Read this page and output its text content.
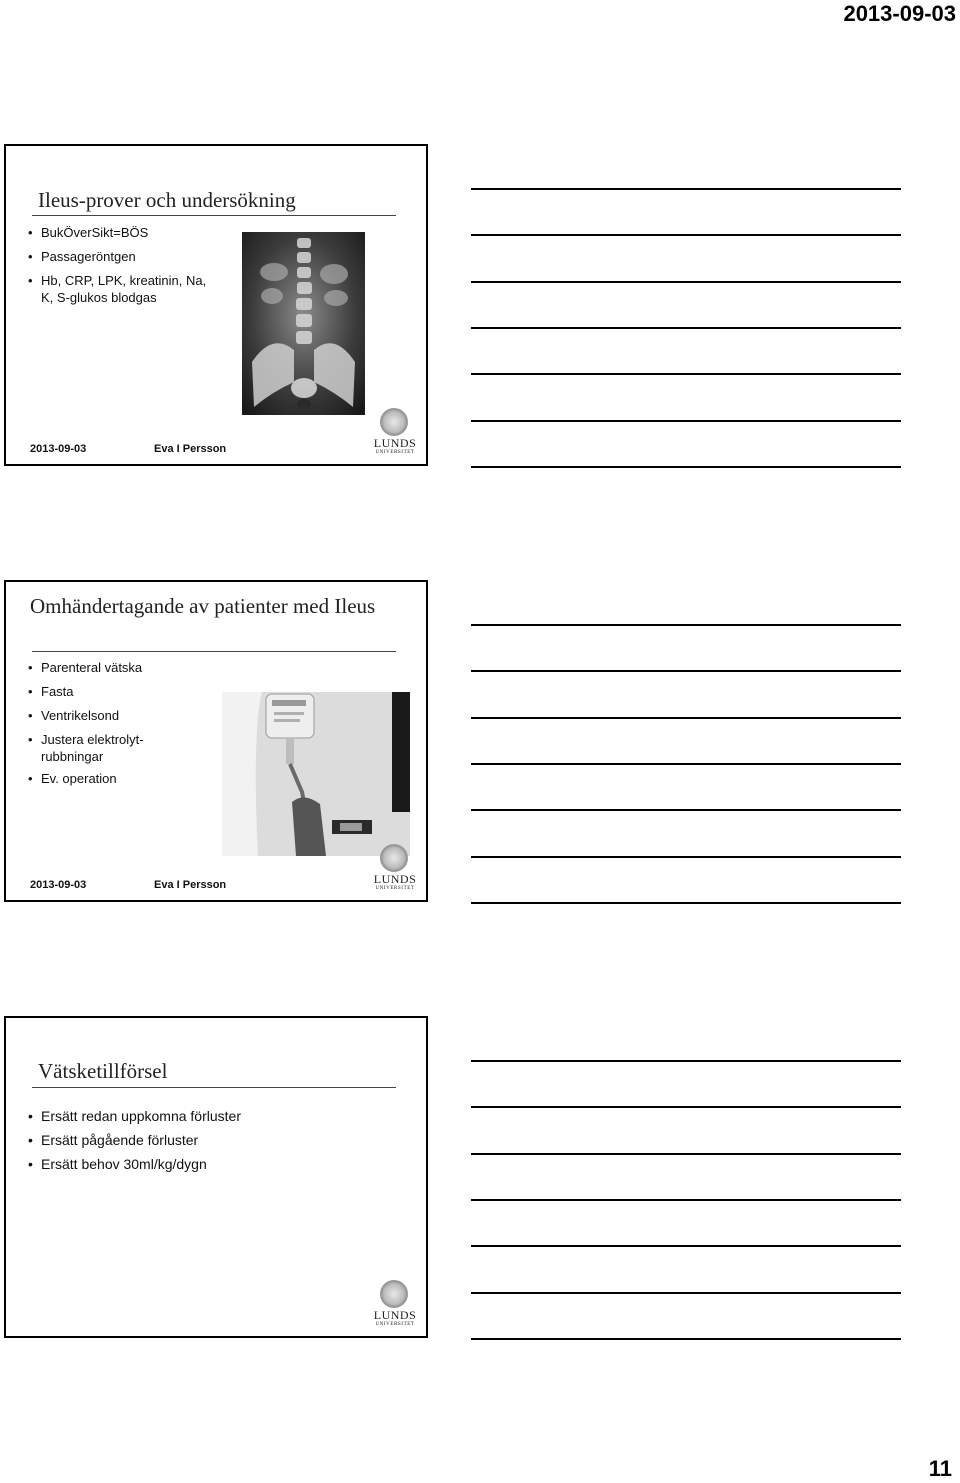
2013-09-03
Ileus-prover och undersökning
• BukÖverSikt=BÖS
• Passageröntgen
• Hb, CRP, LPK, kreatinin, Na, K, S-glukos blodgas
2013-09-03	Eva I Persson	LUNDS
UNIVERSITET
Omhändertagande av patienter med Ileus
• Parenteral vätska
• Fasta
• Ventrikelsond
• Justera elektrolyt-rubbningar
• Ev. operation
2013-09-03	Eva I Persson	LUNDS
UNIVERSITET
Vätsketillförsel
• Ersätt redan uppkomna förluster
• Ersätt pågående förluster
• Ersätt behov 30ml/kg/dygn
LUNDS
UNIVERSITET
11
